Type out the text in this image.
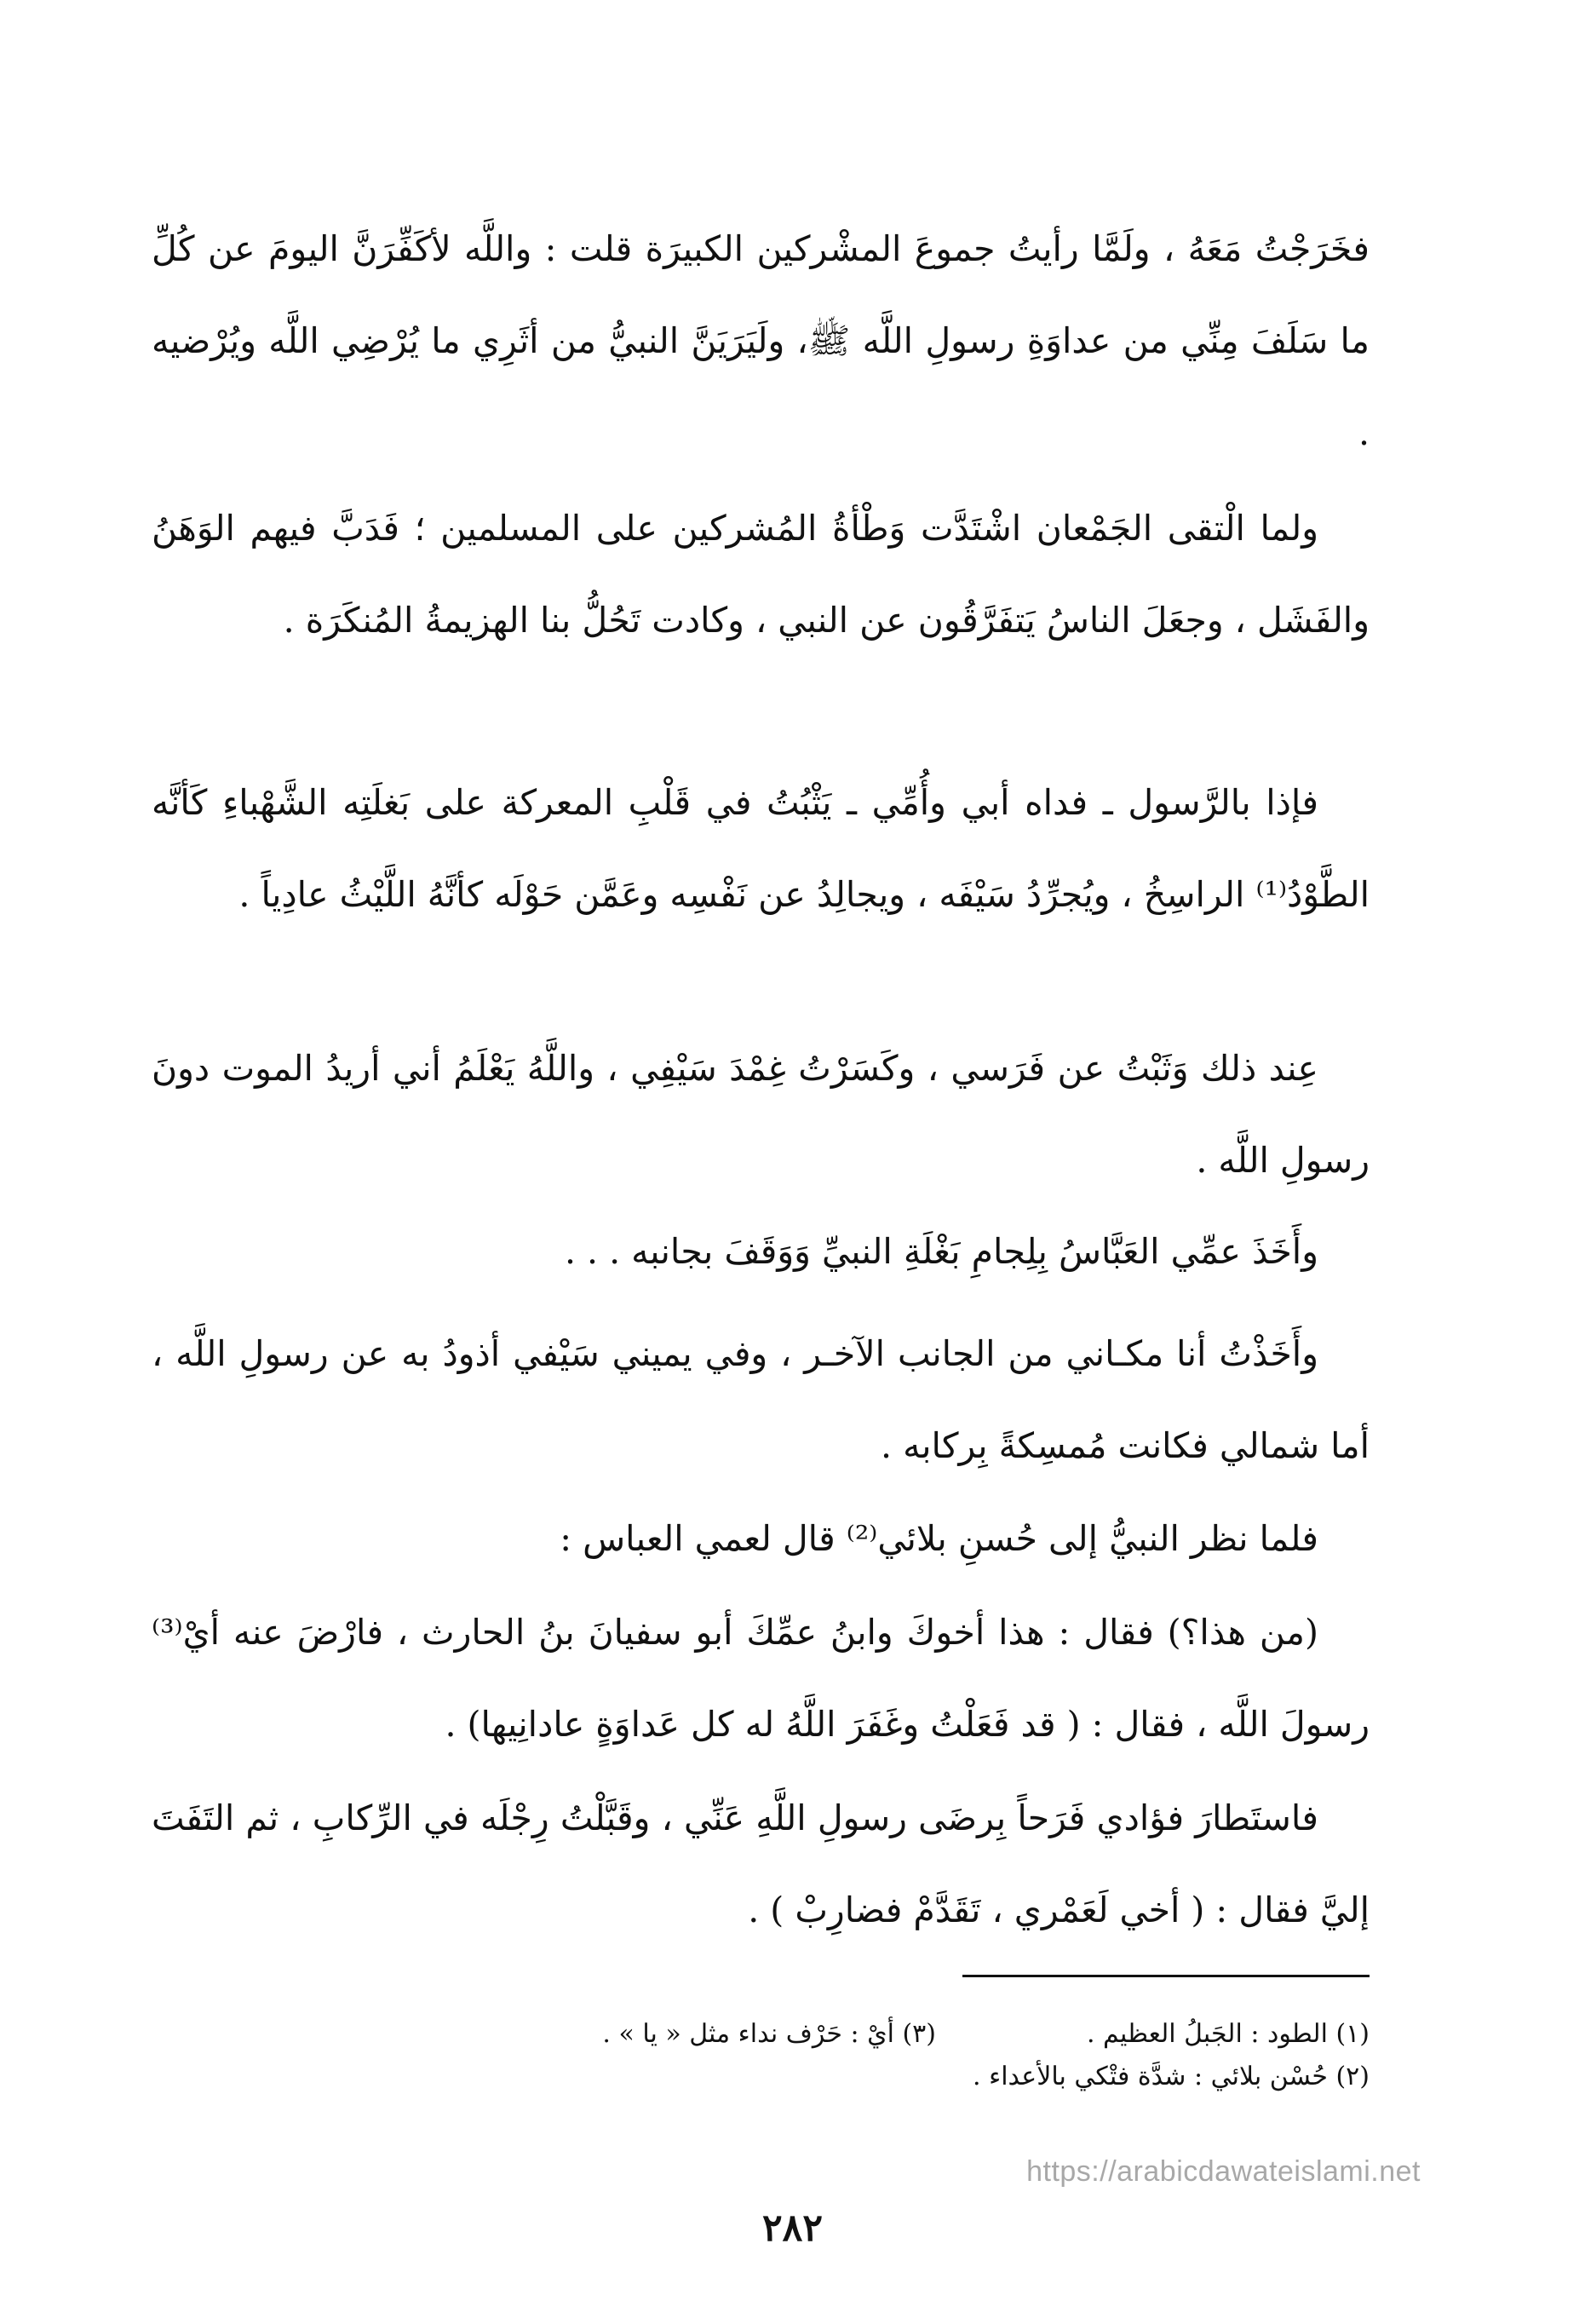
فخَرَجْتُ مَعَهُ ، ولَمَّا رأيتُ جموعَ المشْركين الكبيرَة قلت : واللَّه لأكَفِّرَنَّ اليومَ عن كُلِّ ما سَلَفَ مِنِّي من عداوَةِ رسولِ اللَّه ﷺ، ولَيَرَيَنَّ النبيُّ من أثَرِي ما يُرْضِي اللَّه ويُرْضيه .

ولما الْتقى الجَمْعان اشْتَدَّت وَطْأةُ المُشركين على المسلمين ؛ فَدَبَّ فيهم الوَهَنُ والفَشَل ، وجعَلَ الناسُ يَتفَرَّقُون عن النبي ، وكادت تَحُلُّ بنا الهزيمةُ المُنكَرَة .

فإذا بالرَّسول ـ فداه أبي وأُمِّي ـ يَثْبُتُ في قَلْبِ المعركة على بَغلَتِه الشَّهْباءِ كَأنَّه الطَّوْدُ⁽¹⁾ الراسِخُ ، ويُجرِّدُ سَيْفَه ، ويجالِدُ عن نَفْسِه وعَمَّن حَوْلَه كأنَّهُ اللَّيْثُ عادِياً .

عِند ذلك وَثَبْتُ عن فَرَسي ، وكَسَرْتُ غِمْدَ سَيْفِي ، واللَّهُ يَعْلَمُ أني أريدُ الموت دونَ رسولِ اللَّه .

وأَخَذَ عمِّي العَبَّاسُ بِلِجامِ بَغْلَةِ النبيِّ وَوَقَفَ بجانبه . . .

وأَخَذْتُ أنا مكـاني من الجانب الآخـر ، وفي يميني سَيْفي أذودُ به عن رسولِ اللَّه ، أما شمالي فكانت مُمسِكةً بِركابه .

فلما نظر النبيُّ إلى حُسنِ بلائي⁽²⁾ قال لعمي العباس :

(من هذا؟) فقال : هذا أخوكَ وابنُ عمِّكَ أبو سفيانَ بنُ الحارث ، فارْضَ عنه أيْ⁽³⁾ رسولَ اللَّه ، فقال : ( قد فَعَلْتُ وغَفَرَ اللَّهُ له كل عَداوَةٍ عادانِيها) .

فاستَطارَ فؤادي فَرَحاً بِرضَى رسولِ اللَّهِ عَنِّي ، وقَبَّلْتُ رِجْلَه في الرِّكابِ ، ثم التَفَتَ إليَّ فقال : ( أخي لَعَمْري ، تَقَدَّمْ فضارِبْ ) .

(١) الطود : الجَبلُ العظيم .
(٣) أيْ : حَرْف نداء مثل « يا » .
(٢) حُسْن بلائي : شدَّة فتْكي بالأعداء .
https://arabicdawateislami.net
٢٨٢
